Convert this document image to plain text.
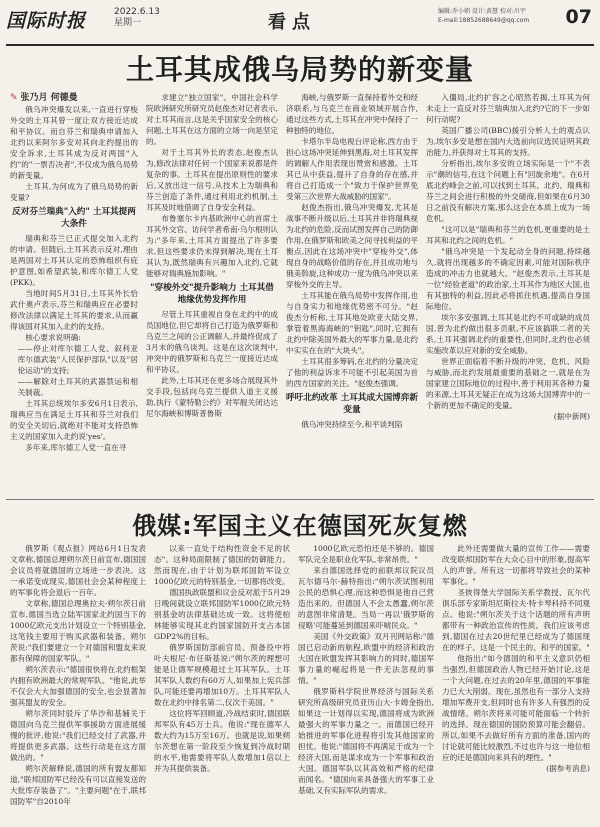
国际时报	2022.6.13
星期一	看点
编辑:乔小朝 设计:黄慧 校对:川宇
E-mail:18852688649@qq.com	07
土耳其成俄乌局势的新变量
✎ 张乃月 何德曼

俄乌冲突爆发以来,一直进行穿梭外交的土耳其曾一度让双方接近达成和平协议。而自芬兰和瑞典申请加入北约以来阿尔多安对其向北约提出的安全诉求,土耳其成为反对两国"入约"的"一票否决者",不仅成为俄乌局势的新变量。

土耳其,为何成为了俄乌局势的新变量?

反对芬兰瑞典"入约" 土耳其提两大条件

瑞典和芬兰已正式提交加入北约的申请。但随后,土耳其表示反对,理由是两国对土耳其认定的恐怖组织有庇护意图,如希望武装,和库尔德工人党(PKK)。

当地时间5月31日,土耳其外长恰武什奥卢表示,芬兰和瑞典应在必要时修改法律以满足土耳其的要求,从而赢得该国对其加入北约的支持。

核心要求说明确:

——停止对库尔德工人党、叙利亚库尔德武装"人民保护部队"以及"居伦运动"的支持;

——解除对土耳其的武器禁运和相关制裁。

土耳其总统埃尔多安6月1日表示,瑞典应当在满足土耳其和芬兰对我们的安全关切后,就绝对不能对支持恐怖主义的国家加入北约说'yes'。

多年来,库尔德工人党一直在寻

求建立"独立国家"。中国社会科学院欧洲研究所研究员赵俊杰对记者表示,对土耳其而言,这是关乎国家安全的核心问题,土耳其在这方面的立场一向是坚定的。

对于土耳其外长的表态,赵俊杰认为,修改法律对任何一个国家来说都是件复杂的事。土耳其在提出原则性的要求后,又放出这一信号,从技术上为瑞典和芬兰创造了条件,通过利用北约机制,土耳其及时地借调了自身安全利益。

布鲁塞尔卡内基欧洲中心的首席土耳其外交官、访问学者希南·乌尔根则认为:"多年来,土耳其方面提出了许多要求,但这些要求仍未得到解决,现在土耳其认为,既然瑞典有兴趣加入北约,它就能够对瑞典施加影响。"

"穿梭外交"提升影响力 土耳其借地缘优势发挥作用

尽管土耳其重视自身在北约中的成员国地位,但它却将自己打造为俄罗斯和乌克兰之间的公正调解人,并最终促成了3月末的俄乌谈判。这是在这次谈判中,冲突中的俄罗斯和乌克兰一度接近达成和平协议。

此外,土耳其还在更多场合展现其外交手段,包括向乌克兰提供人道主义援助,执行《蒙特勒公约》对军舰关闭达达尼尔海峡和博斯普鲁斯

海峡,与俄罗斯一直保持着外交和经济联系,与乌克兰在商业领域开展合作,通过这些方式,土耳其在冲突中保持了一种独特的地位。

卡塔尔半岛电视台评论称,西方由于担心这场冲突延伸到黑海,对土耳其发挥的调解人作用表现出赞赏和感激。土耳其已从中获益,提升了自身的存在感,并将自己打造成一个"致力于保护世界免受第三次世界大战威胁的国家"。

赵俊杰指出,俄乌冲突爆发,尤其是战事不断升级以后,土耳其并非将瑞典视为北约的危险,反而试图发挥自己的防御作用,在俄罗斯和欧美之间寻找利益的平衡点,因此在这场冲突中"穿梭外交",体现自身的战略价值的存在,并且成功地与俄美斡旋,这种成功一度为俄乌冲突以来穿梭外交的主导。

土耳其能在俄乌局势中发挥作用,也与自身实力和地缘优势密不可分。"赵俊杰分析称,土耳其地处欧亚大陆交界,掌管着黑海海峡的"钥匙",同时,它拥有北约中除美国外最大的军事力量,是北约中实实在在的"大块头"。

土耳其很多筹码,在北约的分量决定了他的利益诉求不可能不引起美国为首的西方国家的关注。"赵俊杰强调。

呼吁北约改革 土耳其成大国博弈新变量

俄乌冲突持续至今,和平谈判陷

入僵局,北约扩容之心昭然若揭,土耳其为何未走上一直反对芬兰瑞典加入北约?它的下一步如何行动呢?

英国广播公司(BBC)援引分析人士的观点认为,埃尔多安是想在国内大选前向议选民证明其政治能力,并获得对土耳其的支持。

分析指出,埃尔多安的立场实际是一个"不表示"潮的信号,在这个问题上有"回旋余地"。在6月底北约峰会之前,可以找到土耳其、北约、瑞典和芬兰之间会进行积极的外交磋商,但如果在6月30日之前没有解决方案,那么这会在本质上成为一场危机。

"这可以是"瑞典和芬兰的危机,更重要的是土耳其和北约之间的危机。"

"俄乌冲突是一个发起动全身的问题,持续越久,就将出现越多的不确定因素,可能对国际秩序造成的冲击力也就越大。"赵俊杰表示,土耳其是一位"经验老道"的政治家,土耳其作为地区大国,也有其独特的利益,因此必将抓住机遇,提高自身国际地位。

埃尔多安强调,土耳其是北约不可或缺的成员国,曾为北约做出很多贡献,不应该搞联二者的关系,土耳其强调北约的重要性,但同时,北约也必须实施改革以应对新的安全威胁。

世界正面临着不断升级的冲突、危机、风险与威胁,而北约发展最重要的基础之一,就是在为国家建立国际地位的过程中,善于利用其各种力量的来源,土耳其无疑正在成为这场大国博弈中的一个新的更加不确定的变量。

(据中新网)

俄媒:军国主义在德国死灰复燃

俄罗斯《观点报》网站6月1日发表文章称,德国总理朔尔茨日前宣布,德国国会议员将就德国的立场进一步表决。这一承诺变成现实,德国社会会某种程度上的军事化将会退后一百年。

文章称,德国总理奥拉夫·朔尔茨日前宣布,德国当选立陆军国家北约国当下的1000亿欧元支出计划设立一个特别基金,这笔钱主要用于购买武器和装备。朔尔茨说:"我们要建立一个对德国和盟友来说都有保障的国家军队。"

朔尔茨表示:"德国很快将在北约框架内拥有欧洲最大的常规军队。"他说,此举不仅会大大加强德国的安全,也会显著加强其盟友的安全。

朔尔茨同时驳斥了华沙和基辅关于德国向乌克兰提供军事援助方面进展缓慢的批评,他说:"我们已经交付了武器,并将提供更多武器。这些行动是在这方面做出的。"

朔尔茨解释说,德国的所有盟友都知道,"联邦国防军已经没有可以直接发送的大批库存装备了"。"主要问题"在于,联邦国防军"自2010年

以来一直处于结构性资金不足的状态"。这种局面限制了德国的防御能力。然而现在,由于计划为联邦国防军设立1000亿欧元的特别基金,一切都将改变。

德国执政联盟和议会反对派于5月29日晚间就设立联邦国防军1000亿欧元特别基金的法律基础达成一致。这将使柏林能够实现其北约国家国防开支占本国GDP2%的目标。

俄罗斯国防部前官员、预备役中将叶夫根尼·布任斯基说:"朔尔茨的理想可能是让德军规模超过土耳其军队。土耳其军队人数约有60万人,如果加上宪兵部队,可能还要再增加10万。土耳其军队人数在北约中排名第二,仅次于美国。"

这位将军回顾道,冷战结束时,德国联邦军队有45万士兵。他说:"现在德军人数大约为15万至16万。也就是说,如果朔尔茨想在第一阶段至少恢复到冷战时期的水平,他需要将军队人数增加1倍以上并为其提供装备。

1000亿欧元恐怕还是不够的。德国军队完全是职业化军队,非常昂贵。"

来自德国选择党的前联邦议院议员瓦尔德马尔·赫特指出:"朔尔茨试图利用公民的恐惧心理,而这种恐惧是他自己营造出来的。但德国人不会太愚蠢,朔尔茨的意图非常清楚。当局一再以'俄罗斯的侵略'可能蔓延到德国来吓唬民众。"

美国《外交政策》双月刊网站称:"德国已启动新的航程,欧盟中的经济和政治大国在欧盟发挥其影响力的同时,德国军事力量的崛起将是一件无法忽视的事情。"

俄罗斯科学院世界经济与国际关系研究所高级研究员亚历山大·卡姆金指出,如果这一计划得以实现,德国将成为欧洲最强大的军事力量之一。而德国已经开始推进的军事化进程将引发其他国家的担忧。他说:"德国将不再满足于成为一个经济大国,而是谋求成为一个军事和政治大国。德国军队以其高效和严格的纪律而闻名。"德国向来具备强大的军事工业基础,又有实际军队的需求。

此外还需要做大量的宣传工作——需要改变联邦国防军在大众心目中的形象,提高军人的声誉。所有这一切都将导致社会的某种军事化。"

圣彼得堡大学国际关系学教授、瓦尔代俱乐部专家斯坦尼斯拉夫·特卡琴科持不同观点。他说:"朔尔茨关于这个话题的所有声明都带有一种政治宣传的性质。我们应该考虑到,德国在过去20世纪里已经成为了德国现在的样子。这是一个民主的、和平的国家。"

他指出:"如今德国的和平主义意识仍相当强烈,但德国政治人物已经开始讨论,这是一个大问题,在过去的20年里,德国的军事能力已大大削弱。现在,虽然也有一部分人支持增加军费开支,但同时也有许多人有强烈的反战情绪。朔尔茨将来可能可能面临一个转折的选择。现在德国的国防预算可能会翻倍。所以,如果不去做好所有方面的准备,国内的讨论就可能比较激烈,不过也许与这一地位相应的还是德国向来具有的理性。"

(据参考消息)
